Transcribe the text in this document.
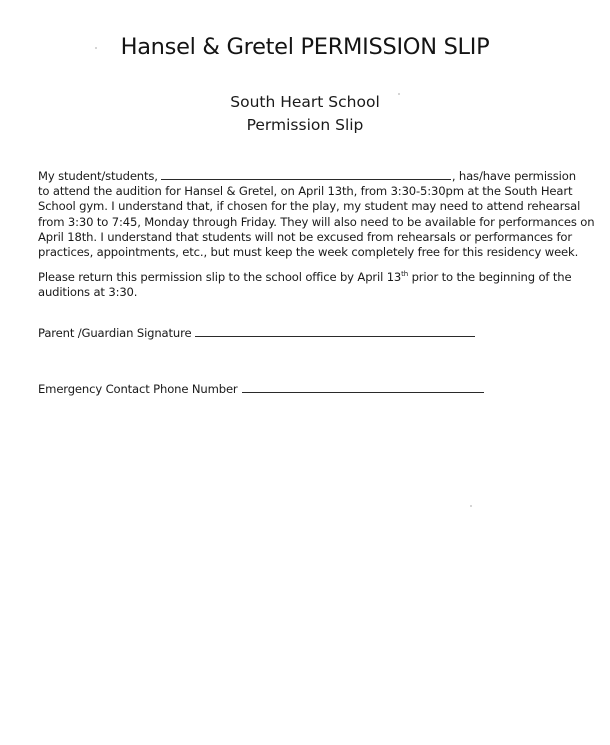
Hansel & Gretel PERMISSION SLIP
South Heart School
Permission Slip
My student/students,	, has/have permission
to attend the audition for Hansel & Gretel, on April 13th, from 3:30-5:30pm at the South Heart
School gym. I understand that, if chosen for the play, my student may need to attend rehearsal
from 3:30 to 7:45, Monday through Friday. They will also need to be available for performances on
April 18th. I understand that students will not be excused from rehearsals or performances for
practices, appointments, etc., but must keep the week completely free for this residency week.
Please return this permission slip to the school office by April 13th prior to the beginning of the
auditions at 3:30.
Parent /Guardian Signature
Emergency Contact Phone Number
